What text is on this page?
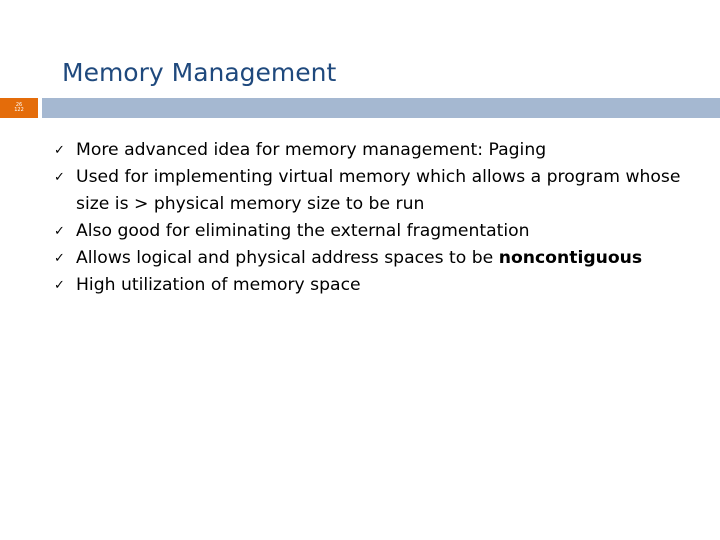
Memory Management
26
122
✓ More advanced idea for memory management: Paging
✓ Used for implementing virtual memory which allows a program whose size is > physical memory size to be run
✓ Also good for eliminating the external fragmentation
✓ Allows logical and physical address spaces to be noncontiguous
✓ High utilization of memory space
